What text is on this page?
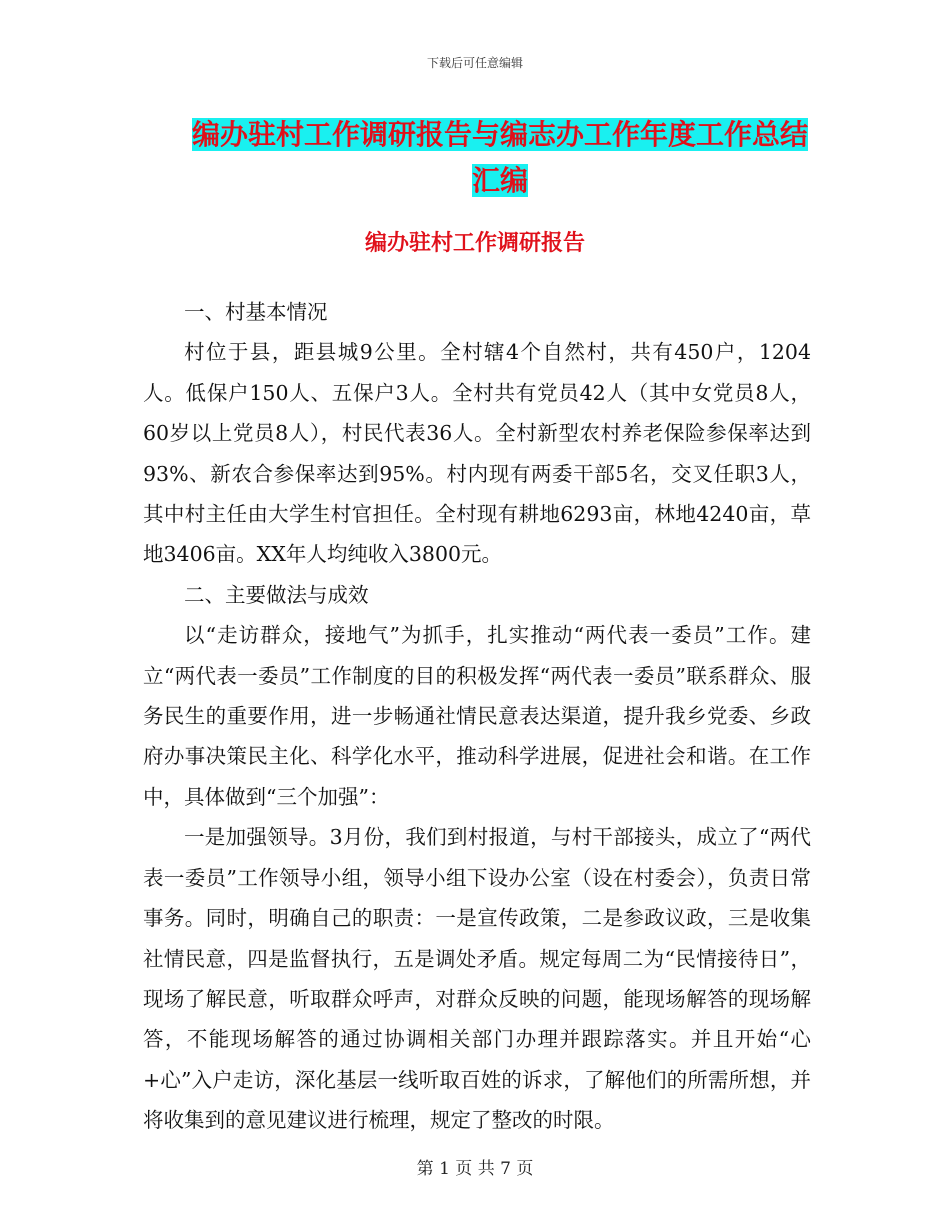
下载后可任意编辑
编办驻村工作调研报告与编志办工作年度工作总结汇编
编办驻村工作调研报告

一、村基本情况

村位于县，距县城9公里。全村辖4个自然村，共有450户，1204人。低保户150人、五保户3人。全村共有党员42人（其中女党员8人，60岁以上党员8人），村民代表36人。全村新型农村养老保险参保率达到93%、新农合参保率达到95%。村内现有两委干部5名，交叉任职3人，其中村主任由大学生村官担任。全村现有耕地6293亩，林地4240亩，草地3406亩。XX年人均纯收入3800元。

二、主要做法与成效

以“走访群众，接地气”为抓手，扎实推动“两代表一委员”工作。建立“两代表一委员”工作制度的目的积极发挥“两代表一委员”联系群众、服务民生的重要作用，进一步畅通社情民意表达渠道，提升我乡党委、乡政府办事决策民主化、科学化水平，推动科学进展，促进社会和谐。在工作中，具体做到“三个加强”：

一是加强领导。3月份，我们到村报道，与村干部接头，成立了“两代表一委员”工作领导小组，领导小组下设办公室（设在村委会），负责日常事务。同时，明确自己的职责：一是宣传政策，二是参政议政，三是收集社情民意，四是监督执行，五是调处矛盾。规定每周二为“民情接待日”，现场了解民意，听取群众呼声，对群众反映的问题，能现场解答的现场解答，不能现场解答的通过协调相关部门办理并跟踪落实。并且开始“心+心”入户走访，深化基层一线听取百姓的诉求，了解他们的所需所想，并将收集到的意见建议进行梳理，规定了整改的时限。

第 1 页 共 7 页
